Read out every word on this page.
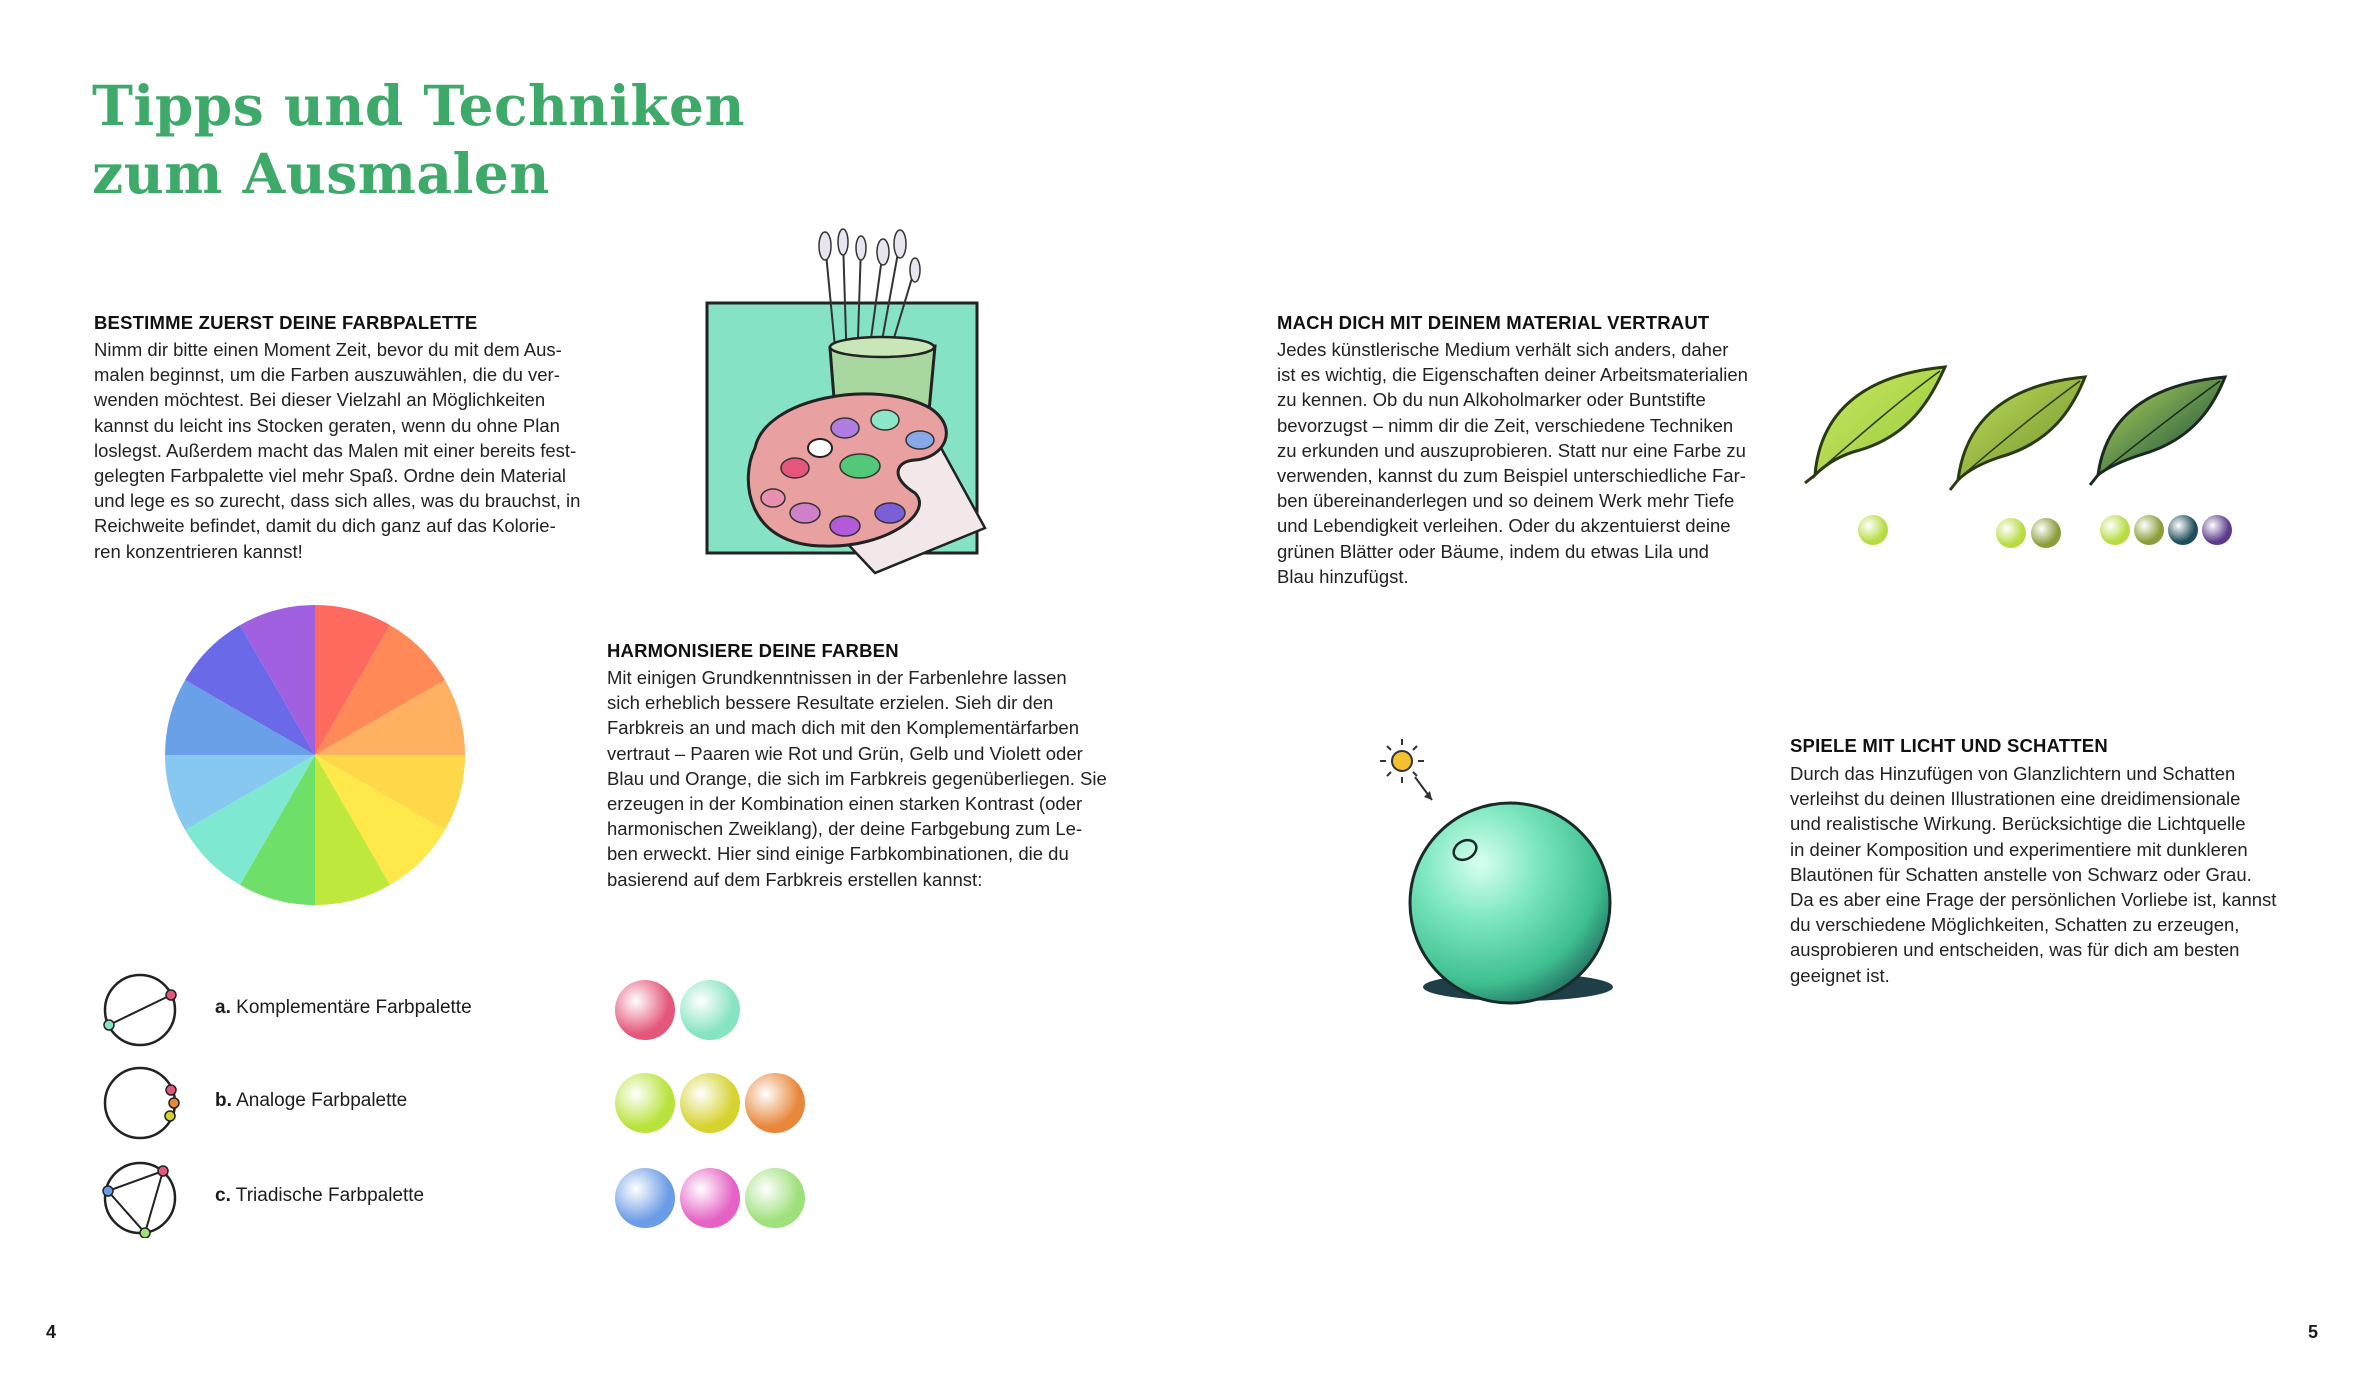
Tipps und Techniken
zum Ausmalen
BESTIMME ZUERST DEINE FARBPALETTE
Nimm dir bitte einen Moment Zeit, bevor du mit dem Aus-
malen beginnst, um die Farben auszuwählen, die du ver-
wenden möchtest. Bei dieser Vielzahl an Möglichkeiten
kannst du leicht ins Stocken geraten, wenn du ohne Plan
loslegst. Außerdem macht das Malen mit einer bereits fest-
gelegten Farbpalette viel mehr Spaß. Ordne dein Material
und lege es so zurecht, dass sich alles, was du brauchst, in
Reichweite befindet, damit du dich ganz auf das Kolorie-
ren konzentrieren kannst!
HARMONISIERE DEINE FARBEN
Mit einigen Grundkenntnissen in der Farbenlehre lassen
sich erheblich bessere Resultate erzielen. Sieh dir den
Farbkreis an und mach dich mit den Komplementärfarben
vertraut – Paaren wie Rot und Grün, Gelb und Violett oder
Blau und Orange, die sich im Farbkreis gegenüberliegen. Sie
erzeugen in der Kombination einen starken Kontrast (oder
harmonischen Zweiklang), der deine Farbgebung zum Le-
ben erweckt. Hier sind einige Farbkombinationen, die du
basierend auf dem Farbkreis erstellen kannst:
a. Komplementäre Farbpalette
b. Analoge Farbpalette
c. Triadische Farbpalette
MACH DICH MIT DEINEM MATERIAL VERTRAUT
Jedes künstlerische Medium verhält sich anders, daher
ist es wichtig, die Eigenschaften deiner Arbeitsmaterialien
zu kennen. Ob du nun Alkoholmarker oder Buntstifte
bevorzugst – nimm dir die Zeit, verschiedene Techniken
zu erkunden und auszuprobieren. Statt nur eine Farbe zu
verwenden, kannst du zum Beispiel unterschiedliche Far-
ben übereinanderlegen und so deinem Werk mehr Tiefe
und Lebendigkeit verleihen. Oder du akzentuierst deine
grünen Blätter oder Bäume, indem du etwas Lila und
Blau hinzufügst.
SPIELE MIT LICHT UND SCHATTEN
Durch das Hinzufügen von Glanzlichtern und Schatten
verleihst du deinen Illustrationen eine dreidimensionale
und realistische Wirkung. Berücksichtige die Lichtquelle
in deiner Komposition und experimentiere mit dunkleren
Blautönen für Schatten anstelle von Schwarz oder Grau.
Da es aber eine Frage der persönlichen Vorliebe ist, kannst
du verschiedene Möglichkeiten, Schatten zu erzeugen,
ausprobieren und entscheiden, was für dich am besten
geeignet ist.
4	5
